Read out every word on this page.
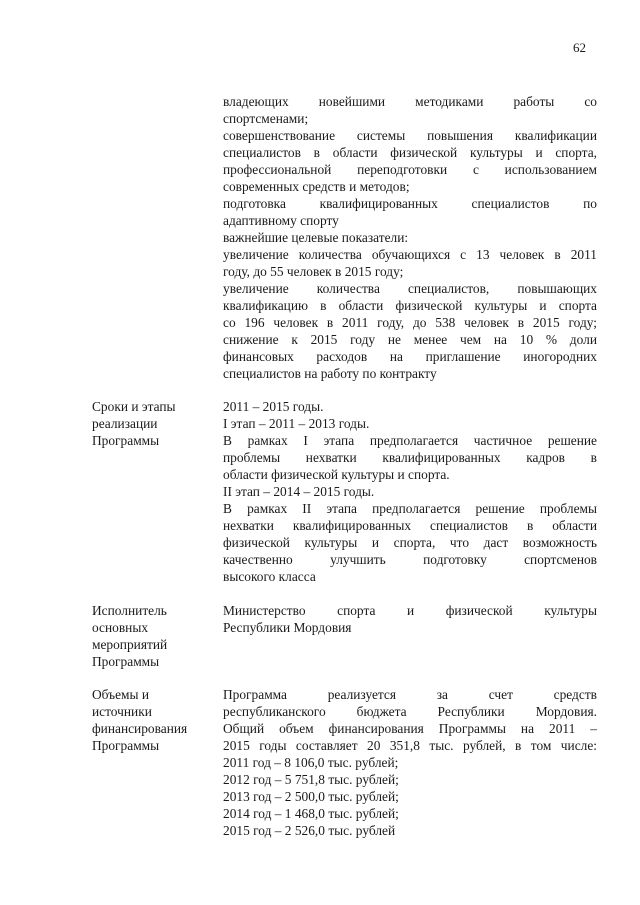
62
владеющих новейшими методиками работы со
спортсменами;
совершенствование системы повышения квалификации
специалистов в области физической культуры и спорта,
профессиональной переподготовки с использованием
современных средств и методов;
подготовка квалифицированных специалистов по
адаптивному спорту
важнейшие целевые показатели:
увеличение количества обучающихся с 13 человек в 2011
году, до 55 человек в 2015 году;
увеличение количества специалистов, повышающих
квалификацию в области физической культуры и спорта
со 196 человек в 2011 году, до 538 человек в 2015 году;
снижение к 2015 году не менее чем на 10 % доли
финансовых расходов на приглашение иногородних
специалистов на работу по контракту
Сроки и этапы
реализации
Программы
2011 – 2015 годы.
I этап – 2011 – 2013 годы.
В рамках I этапа предполагается частичное решение
проблемы нехватки квалифицированных кадров в
области физической культуры и спорта.
II этап – 2014 – 2015 годы.
В рамках II этапа предполагается решение проблемы
нехватки квалифицированных специалистов в области
физической культуры и спорта, что даст возможность
качественно улучшить подготовку спортсменов
высокого класса
Исполнитель
основных
мероприятий
Программы
Министерство спорта и физической культуры
Республики Мордовия
Объемы и
источники
финансирования
Программы
Программа реализуется за счет средств
республиканского бюджета Республики Мордовия.
Общий объем финансирования Программы на 2011 –
2015 годы составляет 20 351,8 тыс. рублей, в том числе:
2011 год – 8 106,0 тыс. рублей;
2012 год – 5 751,8 тыс. рублей;
2013 год – 2 500,0 тыс. рублей;
2014 год – 1 468,0 тыс. рублей;
2015 год – 2 526,0 тыс. рублей
